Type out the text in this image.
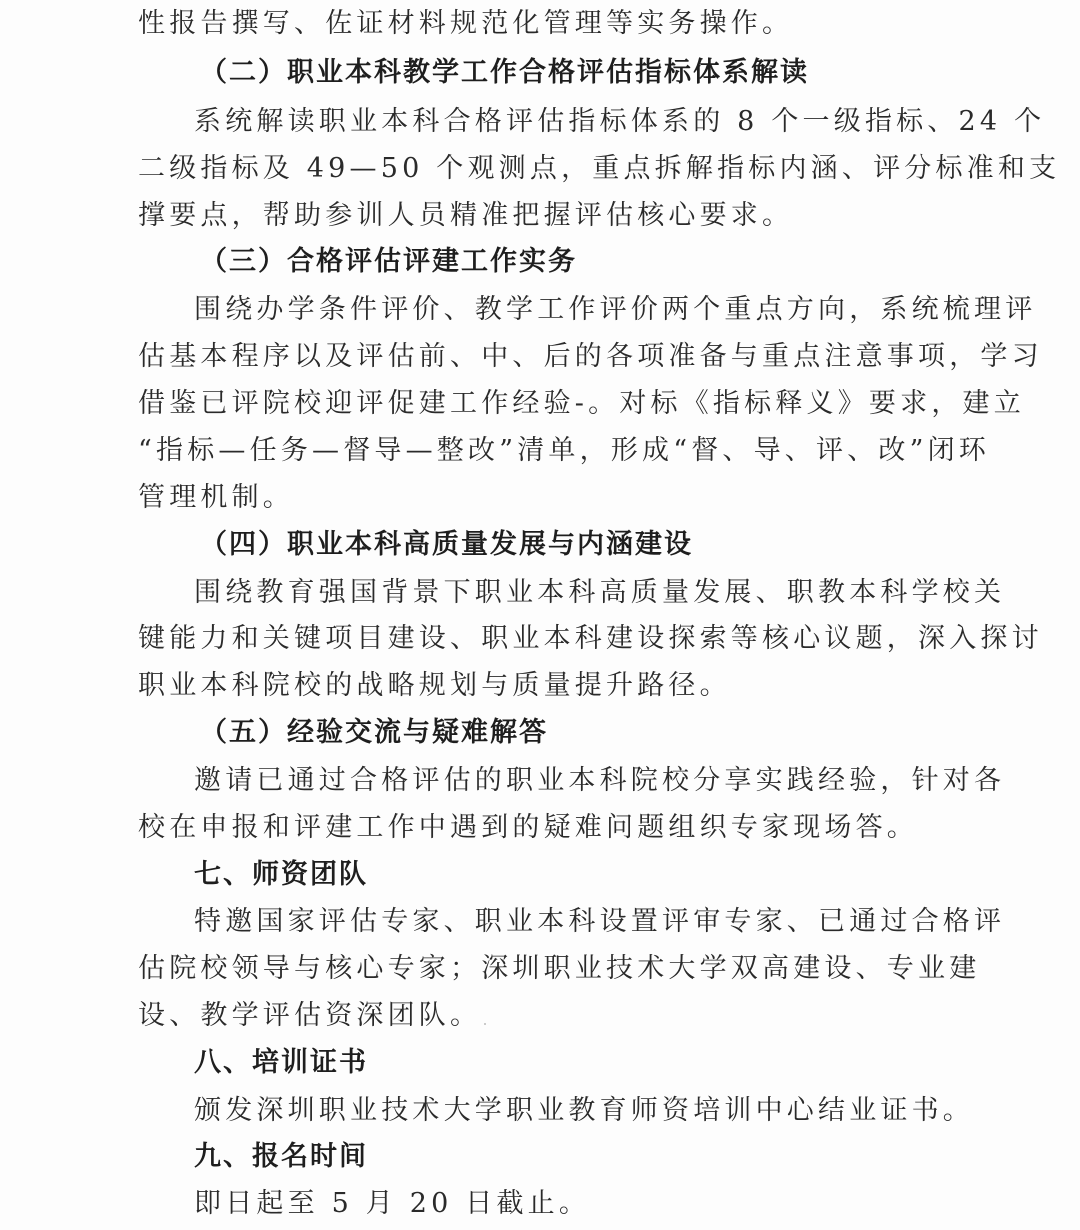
性报告撰写、佐证材料规范化管理等实务操作。
（二）职业本科教学工作合格评估指标体系解读
系统解读职业本科合格评估指标体系的 8 个一级指标、24 个
二级指标及 49—50 个观测点，重点拆解指标内涵、评分标准和支
撑要点，帮助参训人员精准把握评估核心要求。
（三）合格评估评建工作实务
围绕办学条件评价、教学工作评价两个重点方向，系统梳理评
估基本程序以及评估前、中、后的各项准备与重点注意事项，学习
借鉴已评院校迎评促建工作经验-。对标《指标释义》要求，建立
“指标—任务—督导—整改”清单，形成“督、导、评、改”闭环
管理机制。
（四）职业本科高质量发展与内涵建设
围绕教育强国背景下职业本科高质量发展、职教本科学校关
键能力和关键项目建设、职业本科建设探索等核心议题，深入探讨
职业本科院校的战略规划与质量提升路径。
（五）经验交流与疑难解答
邀请已通过合格评估的职业本科院校分享实践经验，针对各
校在申报和评建工作中遇到的疑难问题组织专家现场答。
七、师资团队
特邀国家评估专家、职业本科设置评审专家、已通过合格评
估院校领导与核心专家；深圳职业技术大学双高建设、专业建
设、教学评估资深团队。
八、培训证书
颁发深圳职业技术大学职业教育师资培训中心结业证书。
九、报名时间
即日起至 5 月 20 日截止。
